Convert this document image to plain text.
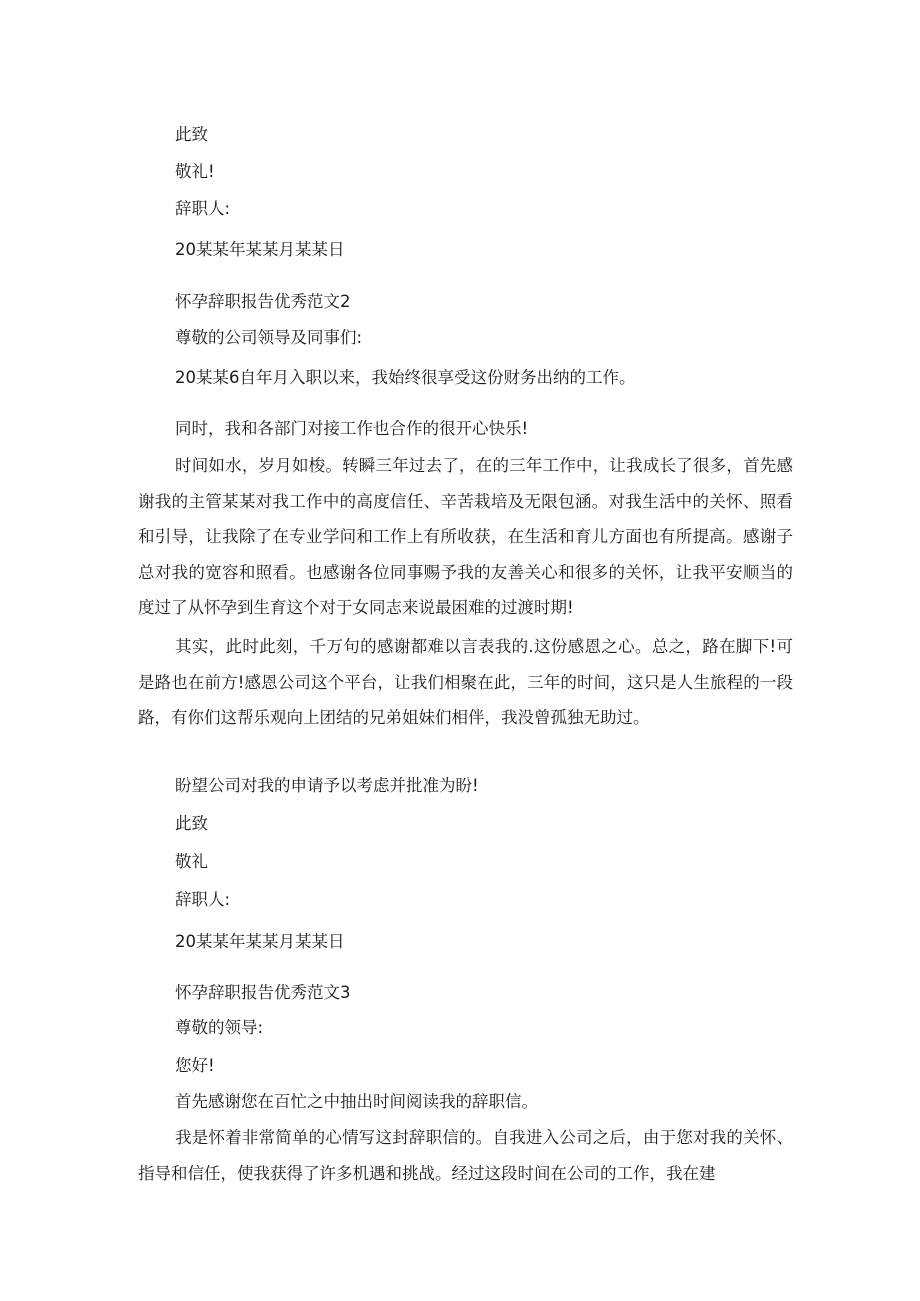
此致

敬礼!

辞职人:

20某某年某某月某某日

怀孕辞职报告优秀范文2

尊敬的公司领导及同事们:

20某某6自年月入职以来，我始终很享受这份财务出纳的工作。

同时，我和各部门对接工作也合作的很开心快乐!

时间如水，岁月如梭。转瞬三年过去了，在的三年工作中，让我成长了很多，首先感谢我的主管某某对我工作中的高度信任、辛苦栽培及无限包涵。对我生活中的关怀、照看和引导，让我除了在专业学问和工作上有所收获，在生活和育儿方面也有所提高。感谢子总对我的宽容和照看。也感谢各位同事赐予我的友善关心和很多的关怀，让我平安顺当的度过了从怀孕到生育这个对于女同志来说最困难的过渡时期!

其实，此时此刻，千万句的感谢都难以言表我的.这份感恩之心。总之，路在脚下!可是路也在前方!感恩公司这个平台，让我们相聚在此，三年的时间，这只是人生旅程的一段路，有你们这帮乐观向上团结的兄弟姐妹们相伴，我没曾孤独无助过。

盼望公司对我的申请予以考虑并批准为盼!

此致

敬礼

辞职人:

20某某年某某月某某日

怀孕辞职报告优秀范文3

尊敬的领导:

您好!

首先感谢您在百忙之中抽出时间阅读我的辞职信。

我是怀着非常简单的心情写这封辞职信的。自我进入公司之后，由于您对我的关怀、指导和信任，使我获得了许多机遇和挑战。经过这段时间在公司的工作，我在建
